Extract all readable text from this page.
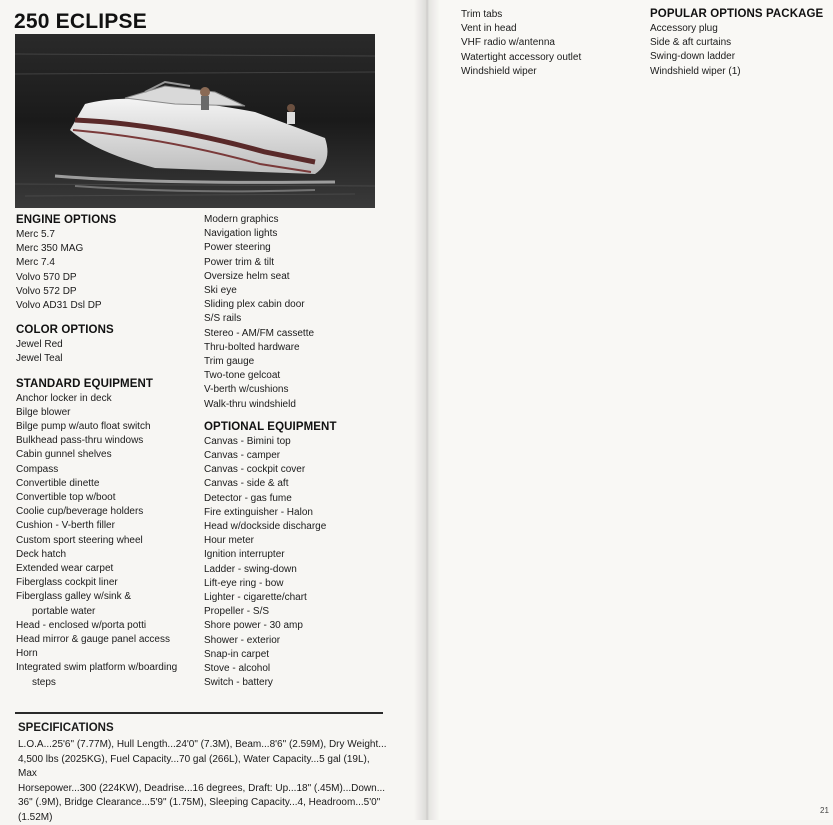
250 ECLIPSE
ENGINE OPTIONS
Merc 5.7
Merc 350 MAG
Merc 7.4
Volvo 570 DP
Volvo 572 DP
Volvo AD31 Dsl DP
COLOR OPTIONS
Jewel Red
Jewel Teal
STANDARD EQUIPMENT
Anchor locker in deck
Bilge blower
Bilge pump w/auto float switch
Bulkhead pass-thru windows
Cabin gunnel shelves
Compass
Convertible dinette
Convertible top w/boot
Coolie cup/beverage holders
Cushion - V-berth filler
Custom sport steering wheel
Deck hatch
Extended wear carpet
Fiberglass cockpit liner
Fiberglass galley w/sink &
portable water
Head - enclosed w/porta potti
Head mirror & gauge panel access
Horn
Integrated swim platform w/boarding
steps
Modern graphics
Navigation lights
Power steering
Power trim & tilt
Oversize helm seat
Ski eye
Sliding plex cabin door
S/S rails
Stereo - AM/FM cassette
Thru-bolted hardware
Trim gauge
Two-tone gelcoat
V-berth w/cushions
Walk-thru windshield
OPTIONAL EQUIPMENT
Canvas - Bimini top
Canvas - camper
Canvas - cockpit cover
Canvas - side & aft
Detector - gas fume
Fire extinguisher - Halon
Head w/dockside discharge
Hour meter
Ignition interrupter
Ladder - swing-down
Lift-eye ring - bow
Lighter - cigarette/chart
Propeller - S/S
Shore power - 30 amp
Shower - exterior
Snap-in carpet
Stove - alcohol
Switch - battery
SPECIFICATIONS
L.O.A...25'6" (7.77M), Hull Length...24'0" (7.3M), Beam...8'6" (2.59M), Dry Weight...
4,500 lbs (2025KG), Fuel Capacity...70 gal (266L), Water Capacity...5 gal (19L), Max
Horsepower...300 (224KW), Deadrise...16 degrees, Draft: Up...18" (.45M)...Down...
36" (.9M), Bridge Clearance...5'9" (1.75M), Sleeping Capacity...4, Headroom...5'0"
(1.52M)
Trim tabs
Vent in head
VHF radio w/antenna
Watertight accessory outlet
Windshield wiper
POPULAR OPTIONS PACKAGE
Accessory plug
Side & aft curtains
Swing-down ladder
Windshield wiper (1)
21
